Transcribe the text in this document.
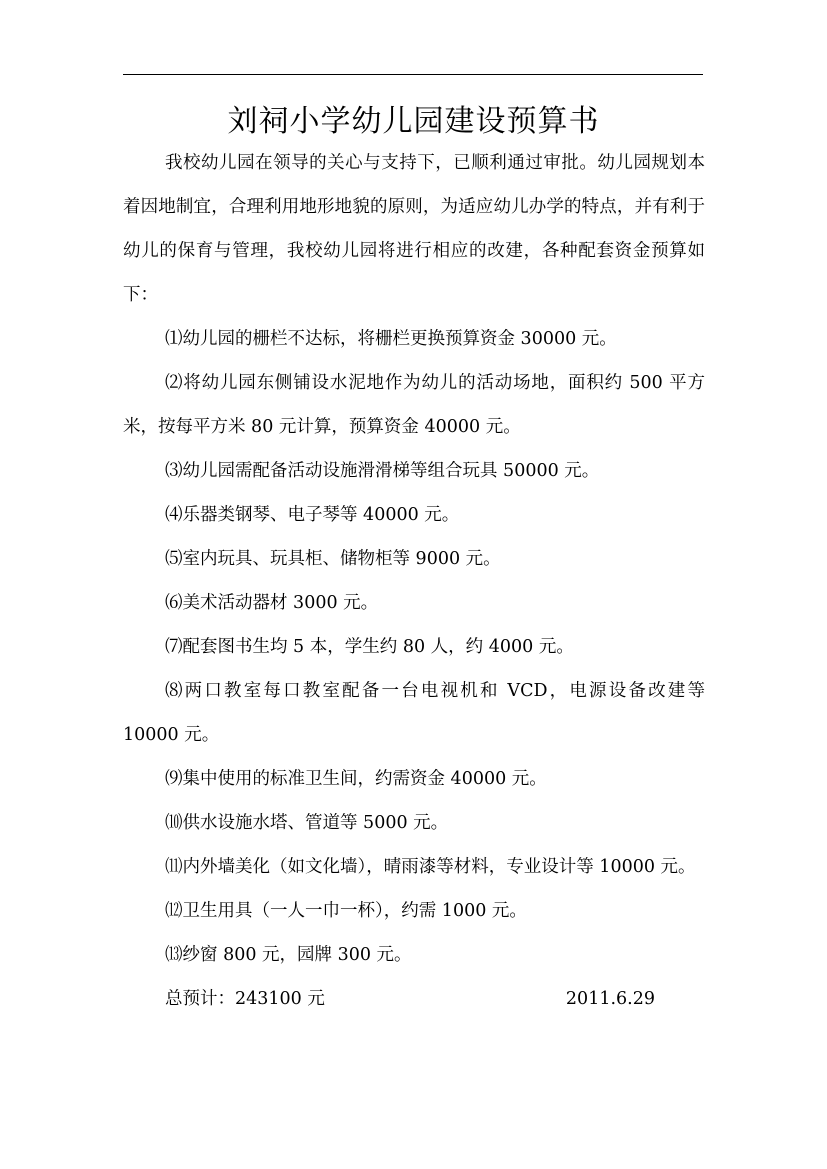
刘祠小学幼儿园建设预算书

我校幼儿园在领导的关心与支持下，已顺利通过审批。幼儿园规划本着因地制宜，合理利用地形地貌的原则，为适应幼儿办学的特点，并有利于幼儿的保育与管理，我校幼儿园将进行相应的改建，各种配套资金预算如下：

⑴幼儿园的栅栏不达标，将栅栏更换预算资金 30000 元。

⑵将幼儿园东侧铺设水泥地作为幼儿的活动场地，面积约 500 平方米，按每平方米 80 元计算，预算资金 40000 元。

⑶幼儿园需配备活动设施滑滑梯等组合玩具 50000 元。

⑷乐器类钢琴、电子琴等 40000 元。

⑸室内玩具、玩具柜、储物柜等 9000 元。

⑹美术活动器材 3000 元。

⑺配套图书生均 5 本，学生约 80 人，约 4000 元。

⑻两口教室每口教室配备一台电视机和 VCD，电源设备改建等 10000 元。

⑼集中使用的标准卫生间，约需资金 40000 元。

⑽供水设施水塔、管道等 5000 元。

⑾内外墙美化（如文化墙），晴雨漆等材料，专业设计等 10000 元。

⑿卫生用具（一人一巾一杯），约需 1000 元。

⒀纱窗 800 元，园牌 300 元。

总预计：243100 元	2011.6.29
